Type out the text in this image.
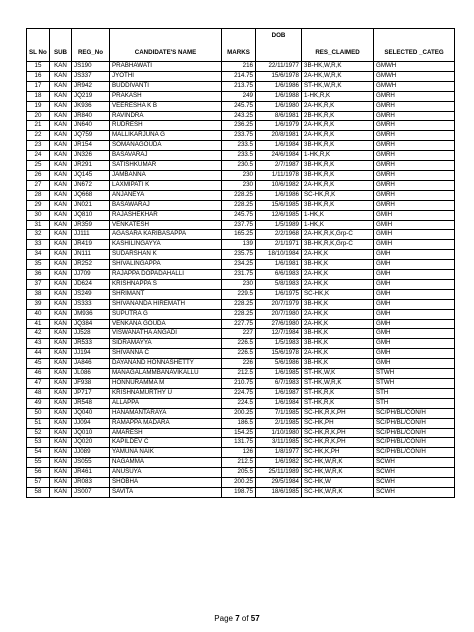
SL No	SUB	REG_No	CANDIDATE'S NAME	MARKS	DOB	RES_CLAIMED	SELECTED _CATEG
15	KAN	JS190	PRABHAWATI	216	22/11/1977	3B-HK,W,R,K	GMWH
16	KAN	JS337	JYOTHI	214.75	15/6/1978	2A-HK,W,R,K	GMWH
17	KAN	JR942	BUDDIVANTI	213.75	1/6/1986	ST-HK,W,R,K	GMWH
18	KAN	JQ219	PRAKASH	249	1/6/1988	1-HK,R,K	GMRH
19	KAN	JK936	VEERESHA K B	245.75	1/6/1980	2A-HK,R,K	GMRH
20	KAN	JR840	RAVINDRA	243.25	8/6/1981	2B-HK,R,K	GMRH
21	KAN	JN640	RUDRESH	236.25	1/6/1979	2A-HK,R,K	GMRH
22	KAN	JQ759	MALLIKARJUNA G	233.75	20/8/1981	2A-HK,R,K	GMRH
23	KAN	JR154	SOMANAGOUDA	233.5	1/6/1984	3B-HK,R,K	GMRH
24	KAN	JN326	BASAVARAJ	233.5	24/6/1984	1-HK,R,K	GMRH
25	KAN	JR291	SATISHKUMAR	230.5	2/7/1987	3B-HK,R,K	GMRH
26	KAN	JQ145	JAMBANNA	230	1/11/1978	3B-HK,R,K	GMRH
27	KAN	JN672	LAXMIPATI K	230	10/6/1982	2A-HK,R,K	GMRH
28	KAN	JQ668	ANJANEYA	228.25	1/6/1986	SC-HK,R,K	GMRH
29	KAN	JN021	BASAWARAJ	228.25	15/6/1985	3B-HK,R,K	GMRH
30	KAN	JQ810	RAJASHEKHAR	245.75	12/6/1985	1-HK,K	GMIH
31	KAN	JR359	VENKATESH	237.75	1/5/1989	1-HK,K	GMIH
32	KAN	JJ111	AGASARA KARIBASAPPA	165.25	2/2/1968	2A-HK,R,K,Grp-C	GMIH
33	KAN	JR419	KASHILINGAYYA	139	2/1/1971	3B-HK,R,K,Grp-C	GMIH
34	KAN	JN111	SUDARSHAN K	235.75	18/10/1984	2A-HK,K	GMH
35	KAN	JR252	SHIVALINGAPPA	234.25	1/6/1981	3B-HK,K	GMH
36	KAN	JJ709	RAJAPPA DOPADAHALLI	231.75	6/6/1983	2A-HK,K	GMH
37	KAN	JD624	KRISHNAPPA S	230	5/8/1983	2A-HK,K	GMH
38	KAN	JS249	SHRIMANT	229.5	1/6/1975	SC-HK,K	GMH
39	KAN	JS333	SHIVANANDA HIREMATH	228.25	20/7/1979	3B-HK,K	GMH
40	KAN	JM936	SUPUTRA G	228.25	20/7/1980	2A-HK,K	GMH
41	KAN	JQ384	VENKANA GOUDA	227.75	27/6/1980	2A-HK,K	GMH
42	KAN	JJ528	VISWANATHA ANGADI	227	12/7/1984	3B-HK,K	GMH
43	KAN	JR533	SIDRAMAYYA	226.5	1/5/1983	3B-HK,K	GMH
44	KAN	JJ194	SHIVANNA C	226.5	15/6/1978	2A-HK,K	GMH
45	KAN	JA846	DAYANAND HONNASHETTY	226	5/6/1986	3B-HK,K	GMH
46	KAN	JL086	MANAGALAMMBANAVIKALLU	212.5	1/6/1985	ST-HK,W,K	STWH
47	KAN	JF938	HONNURAMMA M	210.75	6/7/1983	ST-HK,W,R,K	STWH
48	KAN	JP717	KRISHNAMURTHY U	224.75	1/6/1987	ST-HK,R,K	STH
49	KAN	JR548	ALLAPPA	224.5	1/6/1984	ST-HK,R,K	STH
50	KAN	JQ040	HANAMANTARAYA	200.25	7/1/1985	SC-HK,R,K,PH	SC/PH/BL/CON/H
51	KAN	JJ094	RAMAPPA MADARA	186.5	2/1/1985	SC-HK,PH	SC/PH/BL/CON/H
52	KAN	JQ010	AMARESH	154.25	1/10/1980	SC-HK,R,K,PH	SC/PH/BL/CON/H
53	KAN	JQ020	KAPILDEV C	131.75	3/11/1985	SC-HK,R,K,PH	SC/PH/BL/CON/H
54	KAN	JJ089	YAMUNA NAIK	126	1/8/1977	SC-HK,K,PH	SC/PH/BL/CON/H
55	KAN	JS055	NAGAMMA	212.5	1/6/1982	SC-HK,W,R,K	SCWH
56	KAN	JR461	ANUSUYA	205.5	25/11/1989	SC-HK,W,R,K	SCWH
57	KAN	JR083	SHOBHA	200.25	29/5/1984	SC-HK,W	SCWH
58	KAN	JS007	SAVITA	198.75	18/6/1985	SC-HK,W,R,K	SCWH
Page 7 of 57
